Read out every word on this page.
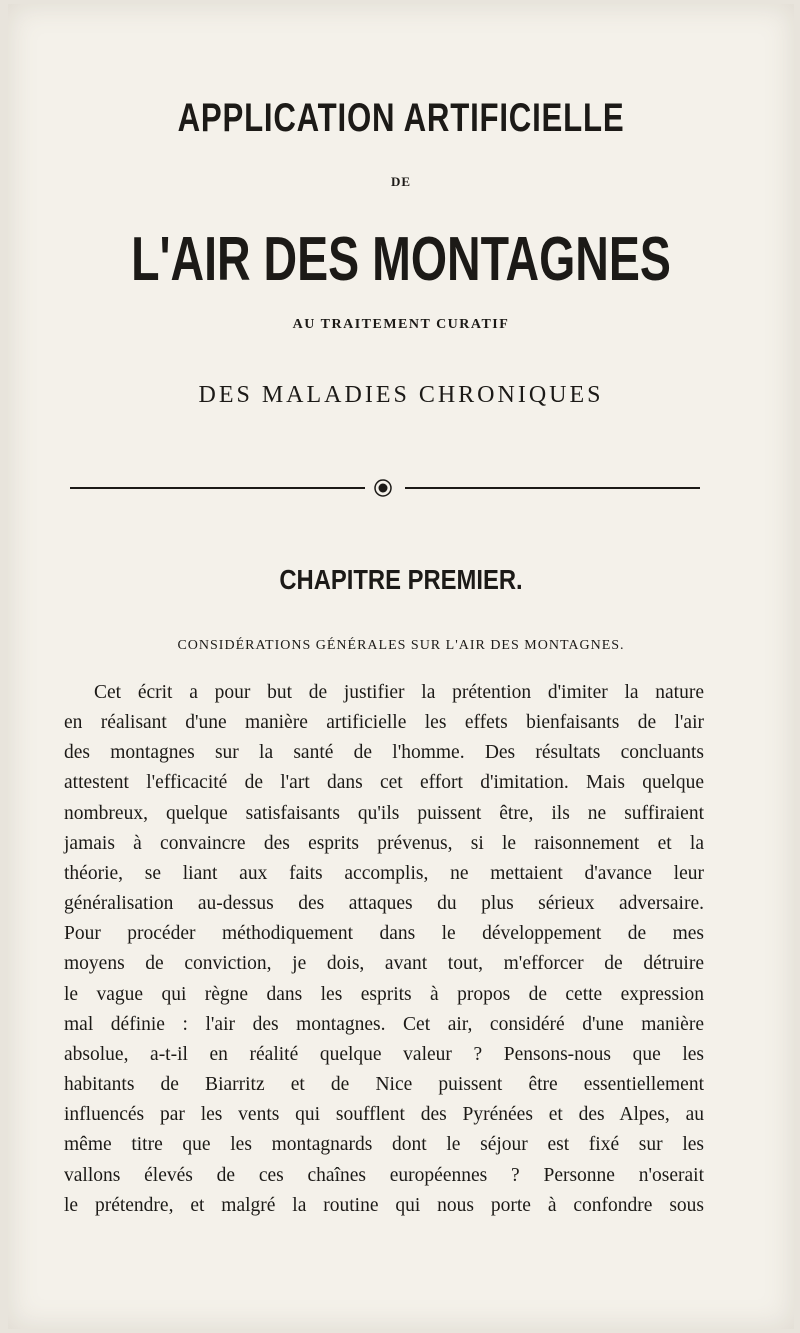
APPLICATION ARTIFICIELLE
DE
L'AIR DES MONTAGNES
AU TRAITEMENT CURATIF
DES MALADIES CHRONIQUES
CHAPITRE PREMIER.
CONSIDÉRATIONS GÉNÉRALES SUR L'AIR DES MONTAGNES.
Cet écrit a pour but de justifier la prétention d'imiter la nature
en réalisant d'une manière artificielle les effets bienfaisants de l'air
des montagnes sur la santé de l'homme. Des résultats concluants
attestent l'efficacité de l'art dans cet effort d'imitation. Mais quelque
nombreux, quelque satisfaisants qu'ils puissent être, ils ne suffiraient
jamais à convaincre des esprits prévenus, si le raisonnement et la
théorie, se liant aux faits accomplis, ne mettaient d'avance leur
généralisation au-dessus des attaques du plus sérieux adversaire.
Pour procéder méthodiquement dans le développement de mes
moyens de conviction, je dois, avant tout, m'efforcer de détruire
le vague qui règne dans les esprits à propos de cette expression
mal définie : l'air des montagnes. Cet air, considéré d'une manière
absolue, a-t-il en réalité quelque valeur ? Pensons-nous que les
habitants de Biarritz et de Nice puissent être essentiellement
influencés par les vents qui soufflent des Pyrénées et des Alpes, au
même titre que les montagnards dont le séjour est fixé sur les
vallons élevés de ces chaînes européennes ? Personne n'oserait
le prétendre, et malgré la routine qui nous porte à confondre sous
